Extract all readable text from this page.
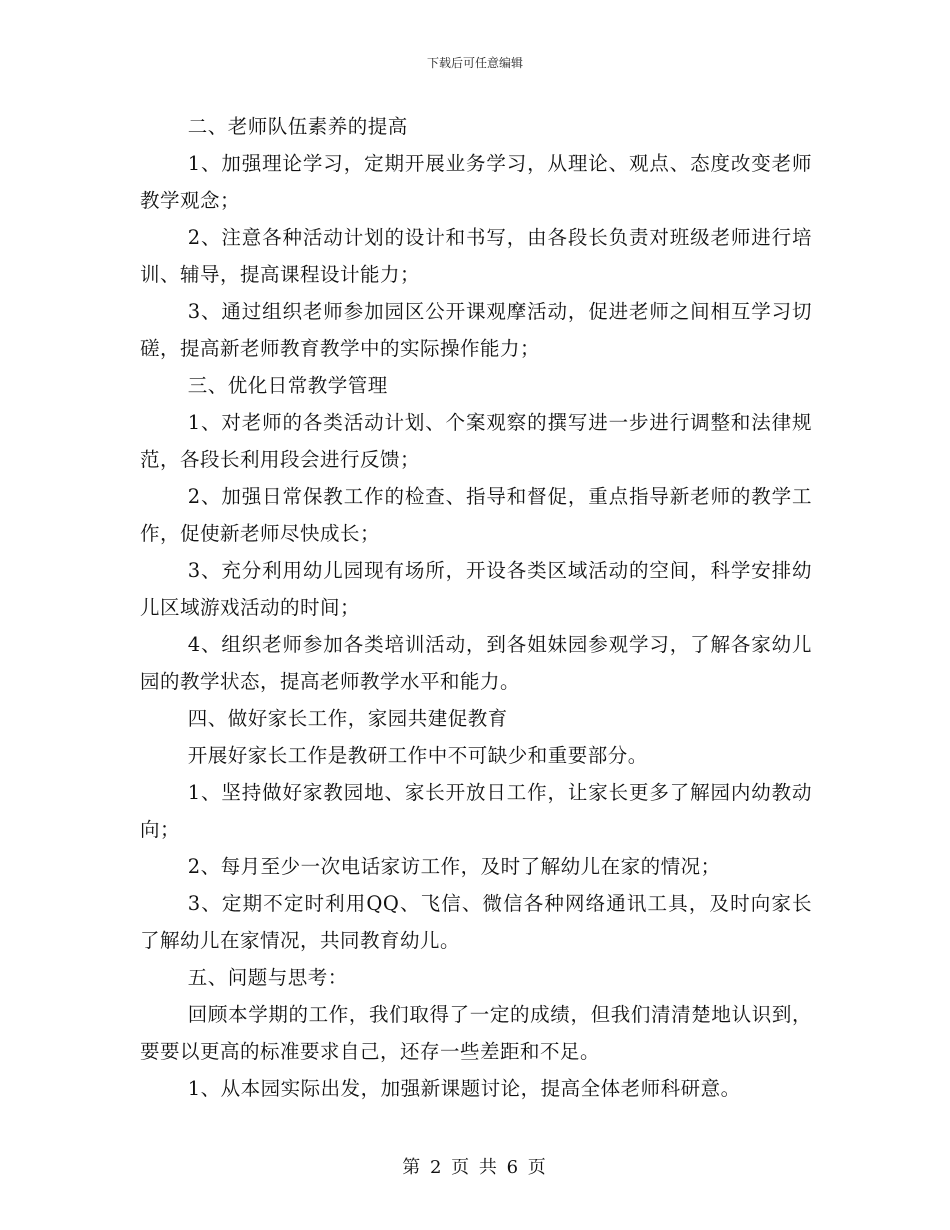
下载后可任意编辑

二、老师队伍素养的提高

1、加强理论学习，定期开展业务学习，从理论、观点、态度改变老师教学观念；

2、注意各种活动计划的设计和书写，由各段长负责对班级老师进行培训、辅导，提高课程设计能力；

3、通过组织老师参加园区公开课观摩活动，促进老师之间相互学习切磋，提高新老师教育教学中的实际操作能力；

三、优化日常教学管理

1、对老师的各类活动计划、个案观察的撰写进一步进行调整和法律规范，各段长利用段会进行反馈；

2、加强日常保教工作的检查、指导和督促，重点指导新老师的教学工作，促使新老师尽快成长；

3、充分利用幼儿园现有场所，开设各类区域活动的空间，科学安排幼儿区域游戏活动的时间；

4、组织老师参加各类培训活动，到各姐妹园参观学习，了解各家幼儿园的教学状态，提高老师教学水平和能力。

四、做好家长工作，家园共建促教育

开展好家长工作是教研工作中不可缺少和重要部分。

1、坚持做好家教园地、家长开放日工作，让家长更多了解园内幼教动向；

2、每月至少一次电话家访工作，及时了解幼儿在家的情况；

3、定期不定时利用QQ、飞信、微信各种网络通讯工具，及时向家长了解幼儿在家情况，共同教育幼儿。

五、问题与思考：

回顾本学期的工作，我们取得了一定的成绩，但我们清清楚地认识到，要要以更高的标准要求自己，还存一些差距和不足。

1、从本园实际出发，加强新课题讨论，提高全体老师科研意。

第 2 页 共 6 页
